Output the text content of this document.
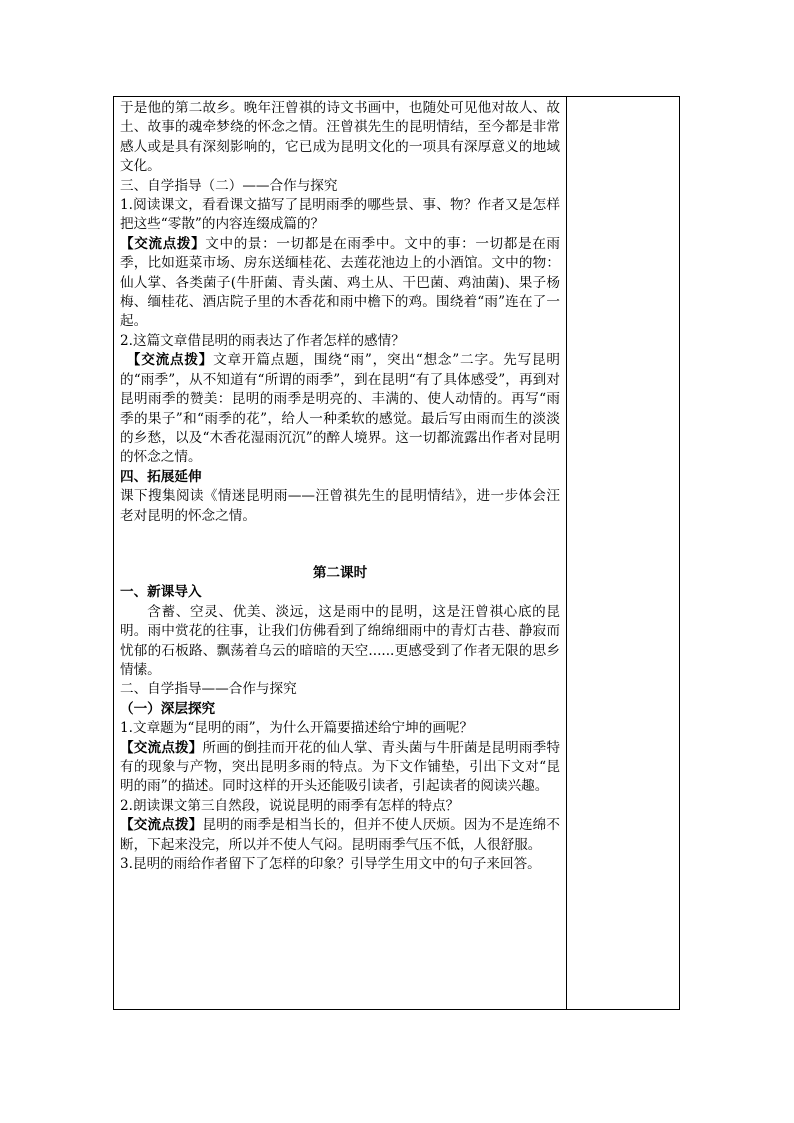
于是他的第二故乡。晚年汪曾祺的诗文书画中，也随处可见他对故人、故土、故事的魂牵梦绕的怀念之情。汪曾祺先生的昆明情结，至今都是非常感人或是具有深刻影响的，它已成为昆明文化的一项具有深厚意义的地域文化。

三、自学指导（二）——合作与探究

1.阅读课文，看看课文描写了昆明雨季的哪些景、事、物？作者又是怎样把这些“零散”的内容连缀成篇的？

【交流点拨】文中的景：一切都是在雨季中。文中的事：一切都是在雨季，比如逛菜市场、房东送缅桂花、去莲花池边上的小酒馆。文中的物：仙人掌、各类菌子(牛肝菌、青头菌、鸡土从、干巴菌、鸡油菌)、果子杨梅、缅桂花、酒店院子里的木香花和雨中檐下的鸡。围绕着“雨”连在了一起。

2.这篇文章借昆明的雨表达了作者怎样的感情？

【交流点拨】文章开篇点题，围绕“雨”，突出“想念”二字。先写昆明的“雨季”，从不知道有“所谓的雨季”，到在昆明“有了具体感受”，再到对昆明雨季的赞美：昆明的雨季是明亮的、丰满的、使人动情的。再写“雨季的果子”和“雨季的花”，给人一种柔软的感觉。最后写由雨而生的淡淡的乡愁，以及“木香花湿雨沉沉”的醉人境界。这一切都流露出作者对昆明的怀念之情。

四、拓展延伸

课下搜集阅读《情迷昆明雨——汪曾祺先生的昆明情结》，进一步体会汪老对昆明的怀念之情。

第二课时

一、新课导入

含蓄、空灵、优美、淡远，这是雨中的昆明，这是汪曾祺心底的昆明。雨中赏花的往事，让我们仿佛看到了绵绵细雨中的青灯古巷、静寂而忧郁的石板路、飘荡着乌云的暗暗的天空......更感受到了作者无限的思乡情愫。

二、自学指导——合作与探究

（一）深层探究

1.文章题为“昆明的雨”，为什么开篇要描述给宁坤的画呢？

【交流点拨】所画的倒挂而开花的仙人掌、青头菌与牛肝菌是昆明雨季特有的现象与产物，突出昆明多雨的特点。为下文作铺垫，引出下文对“昆明的雨”的描述。同时这样的开头还能吸引读者，引起读者的阅读兴趣。

2.朗读课文第三自然段，说说昆明的雨季有怎样的特点？

【交流点拨】昆明的雨季是相当长的，但并不使人厌烦。因为不是连绵不断，下起来没完，所以并不使人气闷。昆明雨季气压不低，人很舒服。

3.昆明的雨给作者留下了怎样的印象？引导学生用文中的句子来回答。
